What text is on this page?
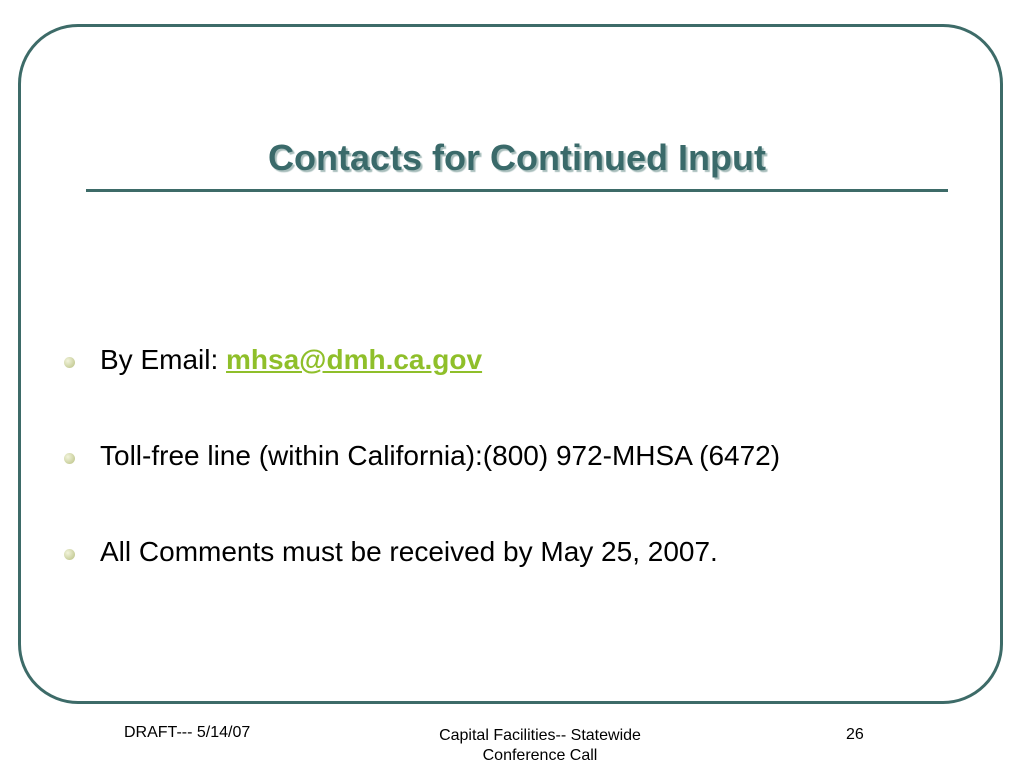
Contacts for Continued Input
By Email: mhsa@dmh.ca.gov
Toll-free line (within California):(800) 972-MHSA (6472)
All Comments must be received by May 25, 2007.
DRAFT--- 5/14/07	Capital Facilities-- Statewide
Conference Call
26
